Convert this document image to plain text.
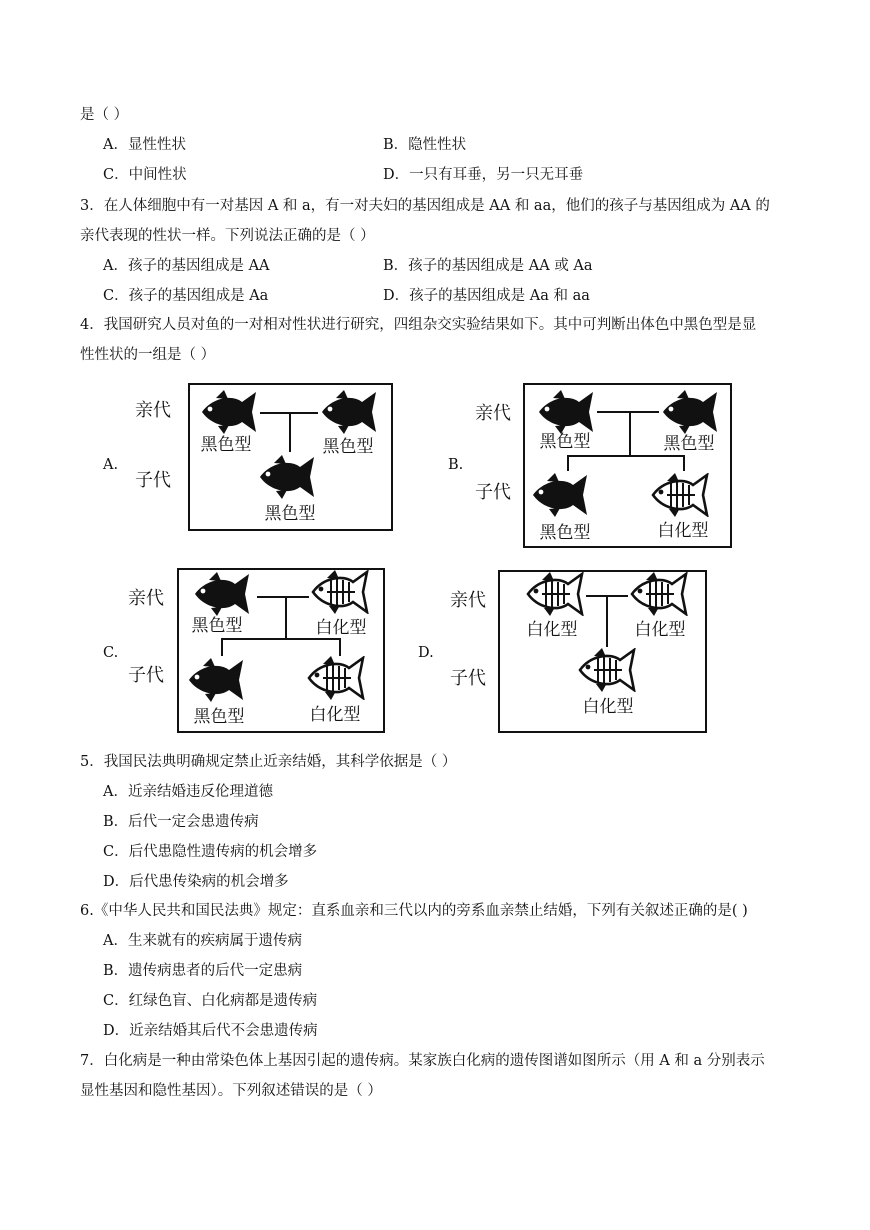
是（ ）
A．显性性状	B．隐性性状
C．中间性状	D．一只有耳垂，另一只无耳垂
3．在人体细胞中有一对基因 A 和 a，有一对夫妇的基因组成是 AA 和 aa，他们的孩子与基因组成为 AA 的
亲代表现的性状一样。下列说法正确的是（ ）
A．孩子的基因组成是 AA	B．孩子的基因组成是 AA 或 Aa
C．孩子的基因组成是 Aa	D．孩子的基因组成是 Aa 和 aa
4．我国研究人员对鱼的一对相对性状进行研究，四组杂交实验结果如下。其中可判断出体色中黑色型是显
性性状的一组是（ ）
A.
亲代
子代
黑色型	黑色型
黑色型
B.
亲代
子代
黑色型	黑色型
黑色型	白化型
C.
亲代
子代
黑色型	白化型
黑色型	白化型
D.
亲代
子代
白化型	白化型
白化型
5．我国民法典明确规定禁止近亲结婚，其科学依据是（ ）
A．近亲结婚违反伦理道德
B．后代一定会患遗传病
C．后代患隐性遗传病的机会增多
D．后代患传染病的机会增多
6.《中华人民共和国民法典》规定：直系血亲和三代以内的旁系血亲禁止结婚，下列有关叙述正确的是( )
A．生来就有的疾病属于遗传病
B．遗传病患者的后代一定患病
C．红绿色盲、白化病都是遗传病
D．近亲结婚其后代不会患遗传病
7．白化病是一种由常染色体上基因引起的遗传病。某家族白化病的遗传图谱如图所示（用 A 和 a 分别表示
显性基因和隐性基因）。下列叙述错误的是（ ）
